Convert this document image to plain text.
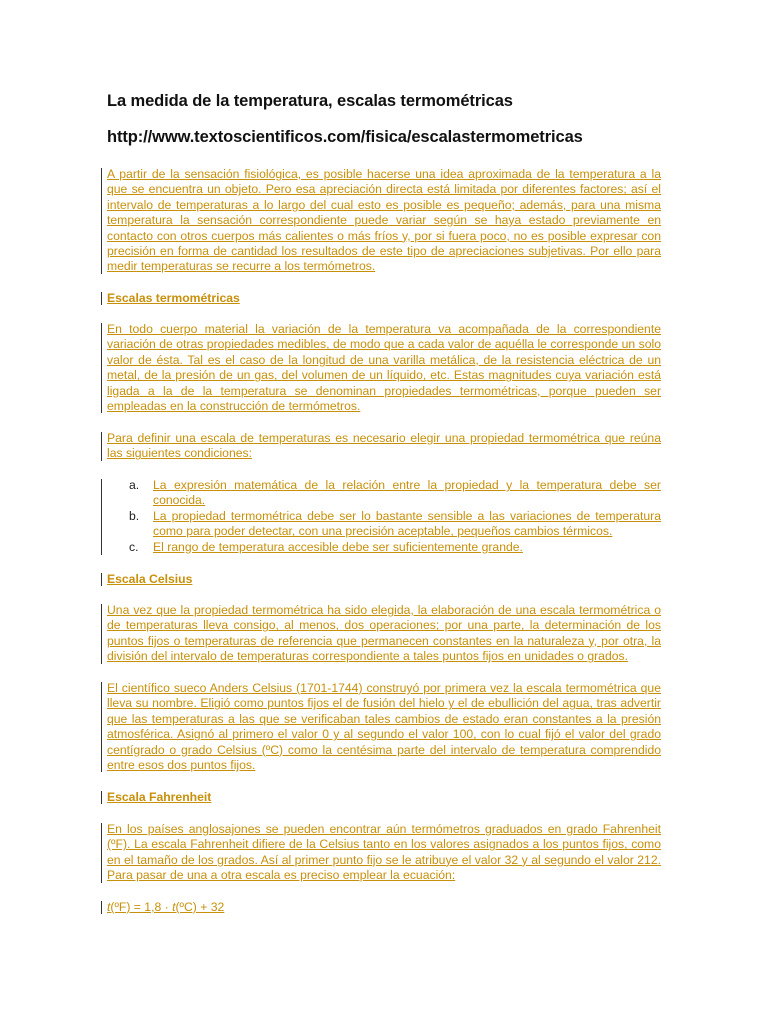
La medida de la temperatura, escalas termométricas
http://www.textoscientificos.com/fisica/escalastermometricas

A partir de la sensación fisiológica, es posible hacerse una idea aproximada de la temperatura a la que se encuentra un objeto. Pero esa apreciación directa está limitada por diferentes factores; así el intervalo de temperaturas a lo largo del cual esto es posible es pequeño; además, para una misma temperatura la sensación correspondiente puede variar según se haya estado previamente en contacto con otros cuerpos más calientes o más fríos y, por si fuera poco, no es posible expresar con precisión en forma de cantidad los resultados de este tipo de apreciaciones subjetivas. Por ello para medir temperaturas se recurre a los termómetros.

Escalas termométricas

En todo cuerpo material la variación de la temperatura va acompañada de la correspondiente variación de otras propiedades medibles, de modo que a cada valor de aquélla le corresponde un solo valor de ésta. Tal es el caso de la longitud de una varilla metálica, de la resistencia eléctrica de un metal, de la presión de un gas, del volumen de un líquido, etc. Estas magnitudes cuya variación está ligada a la de la temperatura se denominan propiedades termométricas, porque pueden ser empleadas en la construcción de termómetros.

Para definir una escala de temperaturas es necesario elegir una propiedad termométrica que reúna las siguientes condiciones:

a. La expresión matemática de la relación entre la propiedad y la temperatura debe ser conocida.

b. La propiedad termométrica debe ser lo bastante sensible a las variaciones de temperatura como para poder detectar, con una precisión aceptable, pequeños cambios térmicos.

c. El rango de temperatura accesible debe ser suficientemente grande.

Escala Celsius

Una vez que la propiedad termométrica ha sido elegida, la elaboración de una escala termométrica o de temperaturas lleva consigo, al menos, dos operaciones; por una parte, la determinación de los puntos fijos o temperaturas de referencia que permanecen constantes en la naturaleza y, por otra, la división del intervalo de temperaturas correspondiente a tales puntos fijos en unidades o grados.

El científico sueco Anders Celsius (1701-1744) construyó por primera vez la escala termométrica que lleva su nombre. Eligió como puntos fijos el de fusión del hielo y el de ebullición del agua, tras advertir que las temperaturas a las que se verificaban tales cambios de estado eran constantes a la presión atmosférica. Asignó al primero el valor 0 y al segundo el valor 100, con lo cual fijó el valor del grado centígrado o grado Celsius (ºC) como la centésima parte del intervalo de temperatura comprendido entre esos dos puntos fijos.

Escala Fahrenheit

En los países anglosajones se pueden encontrar aún termómetros graduados en grado Fahrenheit (ºF). La escala Fahrenheit difiere de la Celsius tanto en los valores asignados a los puntos fijos, como en el tamaño de los grados. Así al primer punto fijo se le atribuye el valor 32 y al segundo el valor 212. Para pasar de una a otra escala es preciso emplear la ecuación:

t(ºF) = 1,8 · t(ºC) + 32
